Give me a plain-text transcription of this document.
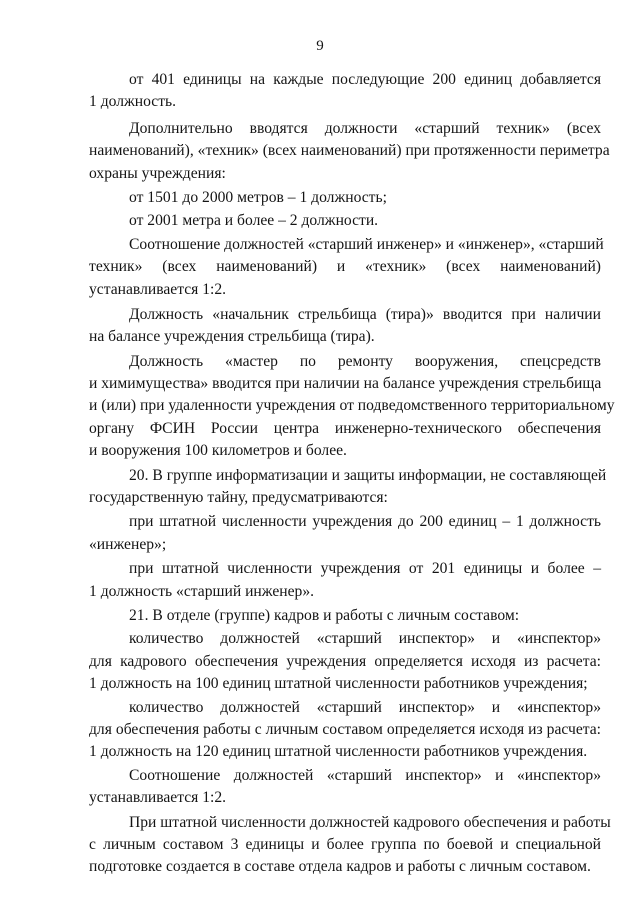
9
от 401 единицы на каждые последующие 200 единиц добавляется
1 должность.
Дополнительно вводятся должности «старший техник» (всех
наименований), «техник» (всех наименований) при протяженности периметра
охраны учреждения:
от 1501 до 2000 метров – 1 должность;
от 2001 метра и более – 2 должности.
Соотношение должностей «старший инженер» и «инженер», «старший
техник» (всех наименований) и «техник» (всех наименований)
устанавливается 1:2.
Должность «начальник стрельбища (тира)» вводится при наличии
на балансе учреждения стрельбища (тира).
Должность «мастер по ремонту вооружения, спецсредств
и химимущества» вводится при наличии на балансе учреждения стрельбища
и (или) при удаленности учреждения от подведомственного территориальному
органу ФСИН России центра инженерно-технического обеспечения
и вооружения 100 километров и более.
20. В группе информатизации и защиты информации, не составляющей
государственную тайну, предусматриваются:
при штатной численности учреждения до 200 единиц – 1 должность
«инженер»;
при штатной численности учреждения от 201 единицы и более –
1 должность «старший инженер».
21. В отделе (группе) кадров и работы с личным составом:
количество должностей «старший инспектор» и «инспектор»
для кадрового обеспечения учреждения определяется исходя из расчета:
1 должность на 100 единиц штатной численности работников учреждения;
количество должностей «старший инспектор» и «инспектор»
для обеспечения работы с личным составом определяется исходя из расчета:
1 должность на 120 единиц штатной численности работников учреждения.
Соотношение должностей «старший инспектор» и «инспектор»
устанавливается 1:2.
При штатной численности должностей кадрового обеспечения и работы
с личным составом 3 единицы и более группа по боевой и специальной
подготовке создается в составе отдела кадров и работы с личным составом.
